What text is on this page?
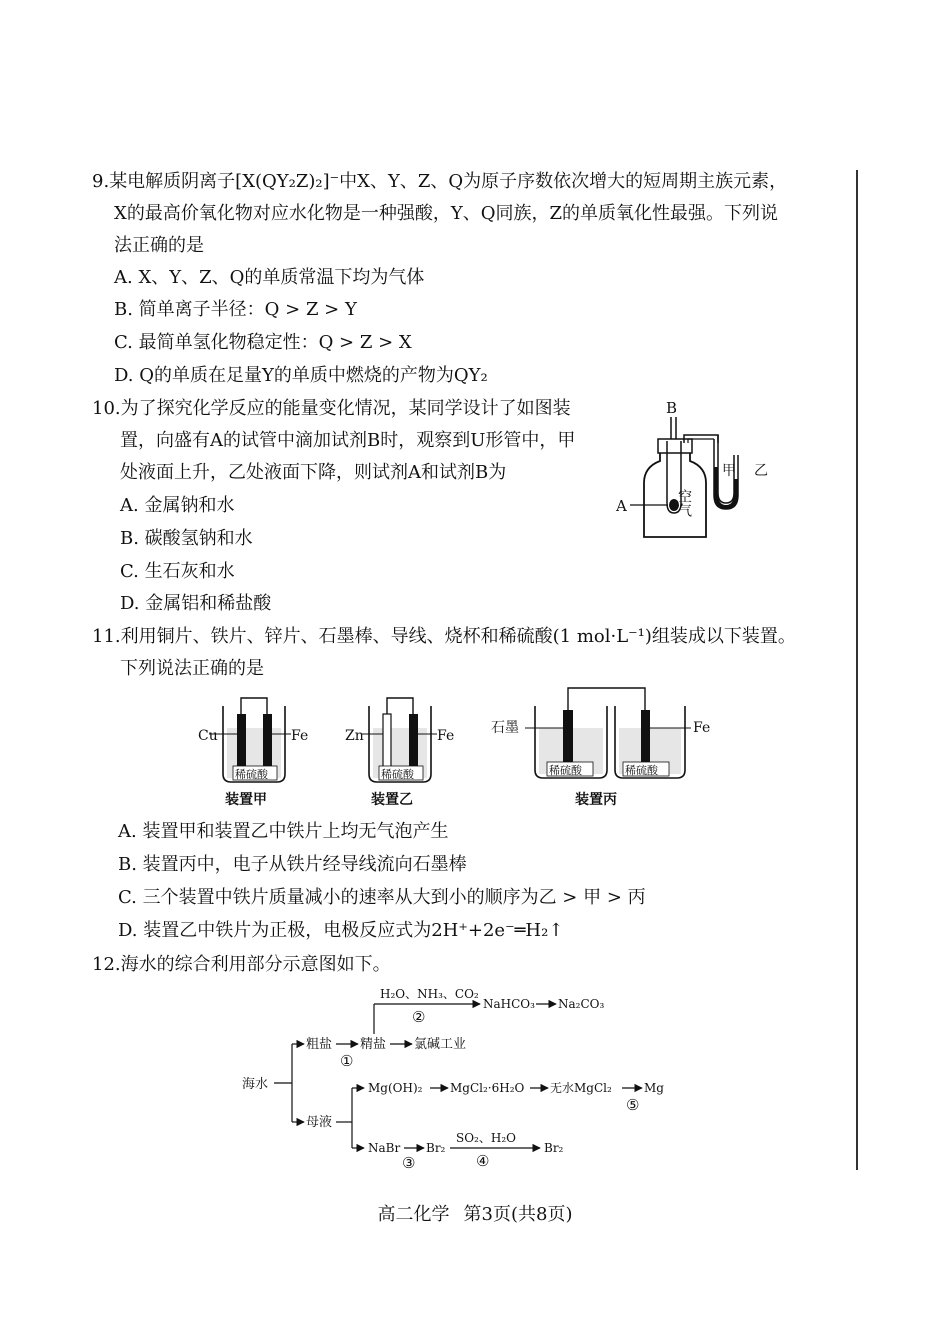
9.某电解质阴离子[X(QY₂Z)₂]⁻中X、Y、Z、Q为原子序数依次增大的短周期主族元素，
X的最高价氧化物对应水化物是一种强酸，Y、Q同族，Z的单质氧化性最强。下列说
法正确的是
A. X、Y、Z、Q的单质常温下均为气体
B. 简单离子半径：Q > Z > Y
C. 最简单氢化物稳定性：Q > Z > X
D. Q的单质在足量Y的单质中燃烧的产物为QY₂
10.为了探究化学反应的能量变化情况，某同学设计了如图装
置，向盛有A的试管中滴加试剂B时，观察到U形管中，甲
处液面上升，乙处液面下降，则试剂A和试剂B为
A. 金属钠和水
B. 碳酸氢钠和水
C. 生石灰和水
D. 金属铝和稀盐酸
B
A	空气
甲 乙
11.利用铜片、铁片、锌片、石墨棒、导线、烧杯和稀硫酸(1 mol·L⁻¹)组装成以下装置。
下列说法正确的是
Cu	Fe
稀硫酸
装置甲
Zn	Fe
稀硫酸
装置乙
石墨	Fe
稀硫酸	稀硫酸
装置丙
A. 装置甲和装置乙中铁片上均无气泡产生
B. 装置丙中，电子从铁片经导线流向石墨棒
C. 三个装置中铁片质量减小的速率从大到小的顺序为乙 > 甲 > 丙
D. 装置乙中铁片为正极，电极反应式为2H⁺+2e⁻═H₂↑
12.海水的综合利用部分示意图如下。
海水
粗盐
①
精盐 氯碱工业
H₂O、NH₃、CO₂
②
NaHCO₃ Na₂CO₃
母液
Mg(OH)₂ MgCl₂·6H₂O 无水MgCl₂
⑤
Mg
NaBr
③
Br₂
SO₂、H₂O
④
Br₂
高二化学 第3页(共8页)
